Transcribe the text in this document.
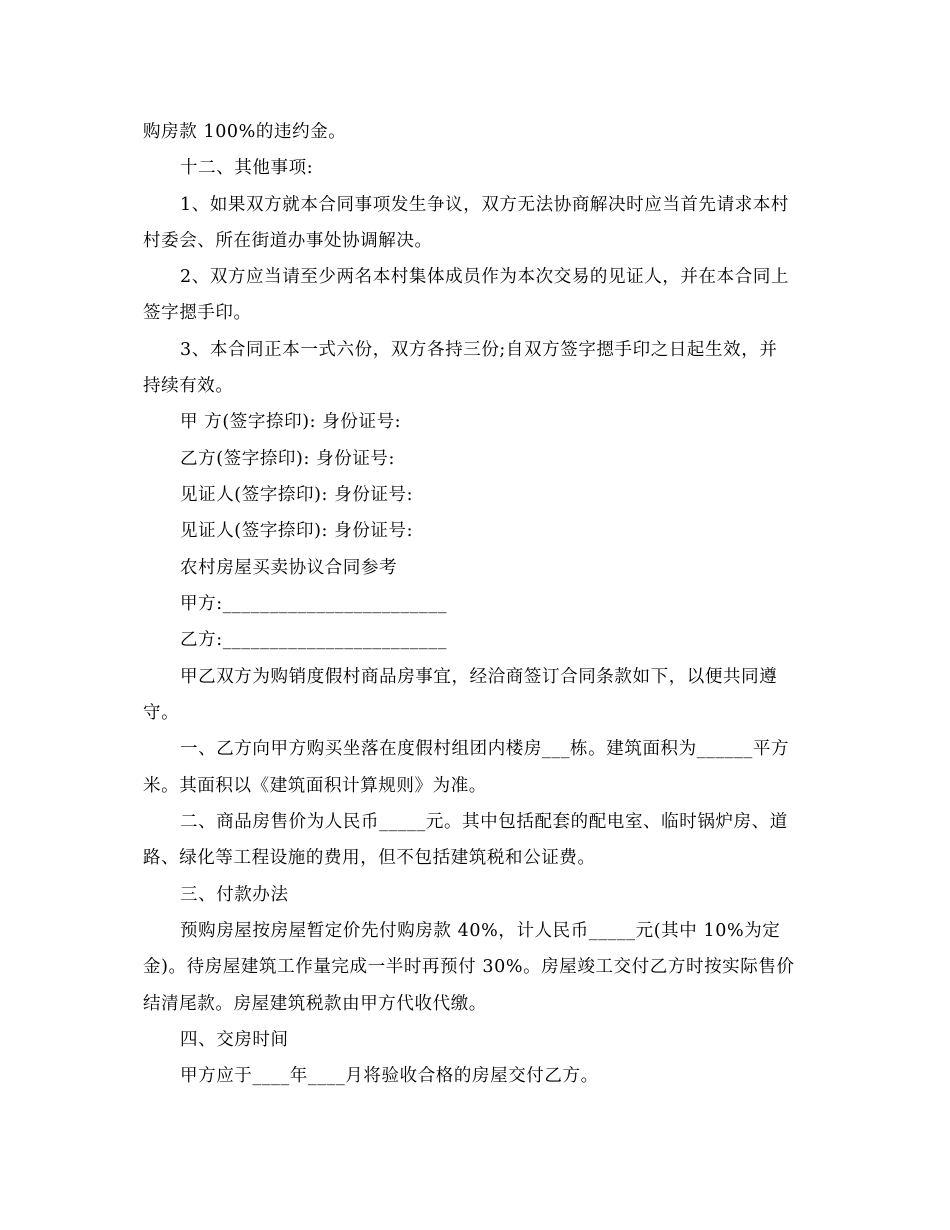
购房款 100%的违约金。
十二、其他事项:
1、如果双方就本合同事项发生争议，双方无法协商解决时应当首先请求本村
村委会、所在街道办事处协调解决。
2、双方应当请至少两名本村集体成员作为本次交易的见证人，并在本合同上
签字摁手印。
3、本合同正本一式六份，双方各持三份;自双方签字摁手印之日起生效，并
持续有效。
甲 方(签字捺印): 身份证号:
乙方(签字捺印): 身份证号:
见证人(签字捺印): 身份证号:
见证人(签字捺印): 身份证号:
农村房屋买卖协议合同参考
甲方:________________________
乙方:________________________
甲乙双方为购销度假村商品房事宜，经洽商签订合同条款如下，以便共同遵
守。
一、乙方向甲方购买坐落在度假村组团内楼房___栋。建筑面积为______平方
米。其面积以《建筑面积计算规则》为准。
二、商品房售价为人民币_____元。其中包括配套的配电室、临时锅炉房、道
路、绿化等工程设施的费用，但不包括建筑税和公证费。
三、付款办法
预购房屋按房屋暂定价先付购房款 40%，计人民币_____元(其中 10%为定
金)。待房屋建筑工作量完成一半时再预付 30%。房屋竣工交付乙方时按实际售价
结清尾款。房屋建筑税款由甲方代收代缴。
四、交房时间
甲方应于____年____月将验收合格的房屋交付乙方。
